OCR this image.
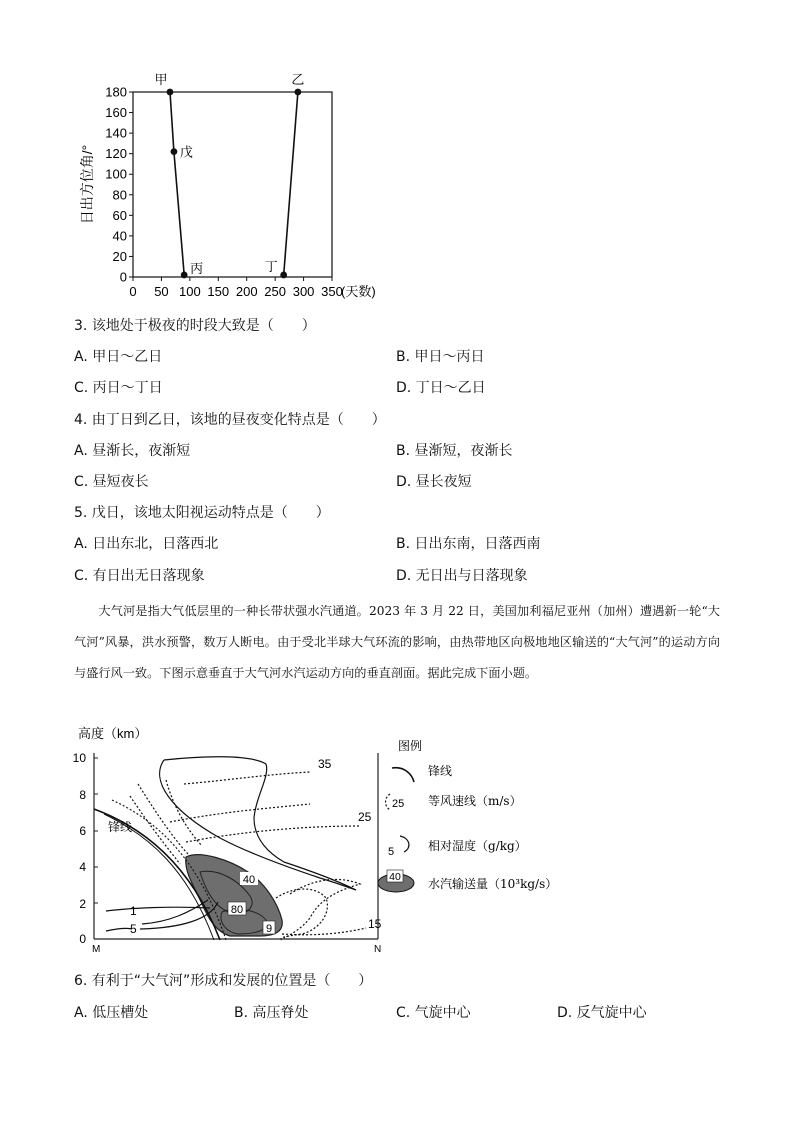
0
20
40
60
80
100
120
140
160
180
0 50 100 150 200 250 300 350
(天数)
日出方位角/°
甲
戊
丙	丁
乙
3. 该地处于极夜的时段大致是（　　）
A. 甲日～乙日	B. 甲日～丙日
C. 丙日～丁日	D. 丁日～乙日
4. 由丁日到乙日，该地的昼夜变化特点是（　　）
A. 昼渐长，夜渐短	B. 昼渐短，夜渐长
C. 昼短夜长	D. 昼长夜短
5. 戊日，该地太阳视运动特点是（　　）
A. 日出东北，日落西北	B. 日出东南，日落西南
C. 有日出无日落现象	D. 无日出与日落现象
大气河是指大气低层里的一种长带状强水汽通道。2023 年 3 月 22 日，美国加利福尼亚州（加州）遭遇新一轮“大气河”风暴，洪水预警，数万人断电。由于受北半球大气环流的影响，由热带地区向极地地区输送的“大气河”的运动方向与盛行风一致。下图示意垂直于大气河水汽运动方向的垂直剖面。据此完成下面小题。
高度（km）
0
2
4
6
8
10
M	N
80
40
9
锋线
35
25
15
1
5
图例
锋线
25 等风速线（m/s）
5	相对湿度（g/kg）
40 水汽输送量（10³kg/s）
6. 有利于“大气河”形成和发展的位置是（　　）
A. 低压槽处	B. 高压脊处	C. 气旋中心	D. 反气旋中心
